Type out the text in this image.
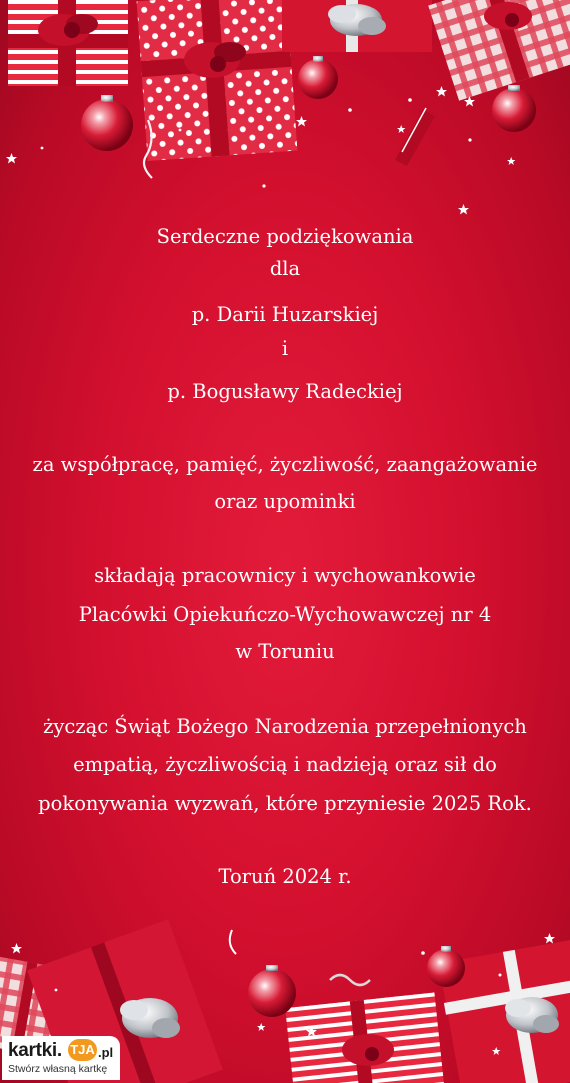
Serdeczne podziękowania
dla
p. Darii Huzarskiej
i
p. Bogusławy Radeckiej
za współpracę, pamięć, życzliwość, zaangażowanie
oraz upominki
składają pracownicy i wychowankowie
Placówki Opiekuńczo-Wychowawczej nr 4
w Toruniu
życząc Świąt Bożego Narodzenia przepełnionych
empatią, życzliwością i nadzieją oraz sił do
pokonywania wyzwań, które przyniesie 2025 Rok.
Toruń 2024 r.
kartki. TJA .pl
Stwórz własną kartkę
